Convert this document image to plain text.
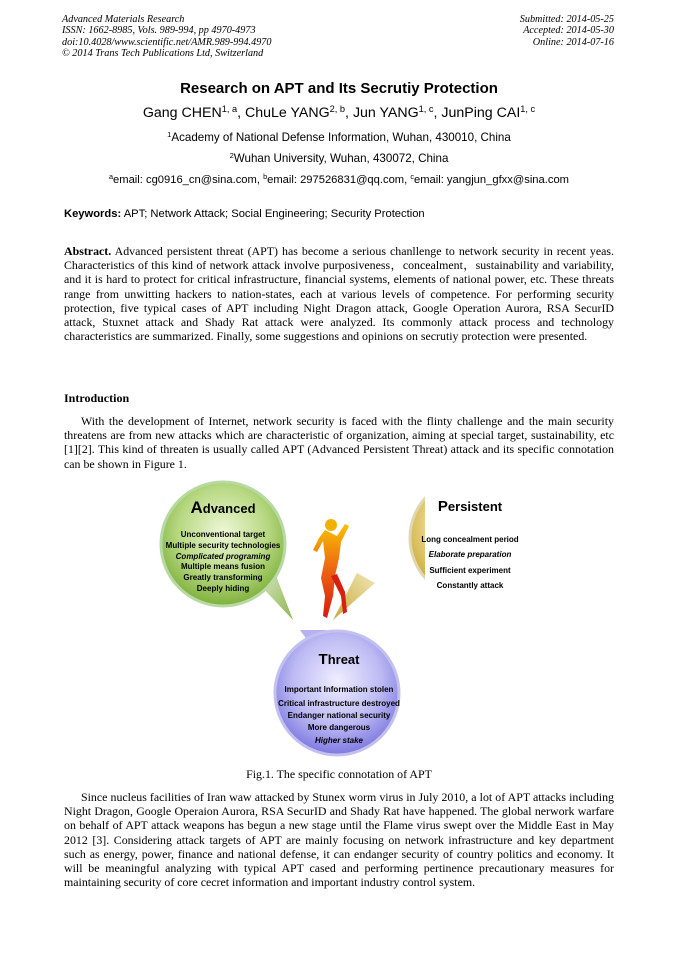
Advanced Materials Research
ISSN: 1662-8985, Vols. 989-994, pp 4970-4973
doi:10.4028/www.scientific.net/AMR.989-994.4970
© 2014 Trans Tech Publications Ltd, Switzerland
Submitted: 2014-05-25
Accepted: 2014-05-30
Online: 2014-07-16
Research on APT and Its Secrutiy Protection
Gang CHEN$^{1, a}$, ChuLe YANG$^{2, b}$, Jun YANG$^{1, c}$, JunPing CAI$^{1, c}$
$^1$Academy of National Defense Information, Wuhan, 430010, China
$^2$Wuhan University, Wuhan, 430072, China
$^a$email: cg0916_cn@sina.com, $^b$email: 297526831@qq.com, $^c$email: yangjun_gfxx@sina.com
Keywords: APT; Network Attack; Social Engineering; Security Protection
Abstract. Advanced persistent threat (APT) has become a serious chanllenge to network security in recent yeas. Characteristics of this kind of network attack involve purposiveness，concealment，sustainability and variability, and it is hard to protect for critical infrastructure, financial systems, elements of national power, etc. These threats range from unwitting hackers to nation-states, each at various levels of competence. For performing security protection, five typical cases of APT including Night Dragon attack, Google Operation Aurora, RSA SecurID attack, Stuxnet attack and Shady Rat attack were analyzed. Its commonly attack process and technology characteristics are summarized. Finally, some suggestions and opinions on secrutiy protection were presented.
Introduction
With the development of Internet, network security is faced with the flinty challenge and the main security threatens are from new attacks which are characteristic of organization, aiming at special target, sustainability, etc [1][2]. This kind of threaten is usually called APT (Advanced Persistent Threat) attack and its specific connotation can be shown in Figure 1.
Advanced
Unconventional target
Multiple security technologies
Complicated programing
Multiple means fusion
Greatly transforming
Deeply hiding
Persistent
Long concealment period
Elaborate preparation
Sufficient experiment
Constantly attack
Threat
Important Information stolen
Critical infrastructure destroyed
Endanger national security
More dangerous
Higher stake
Fig.1. The specific connotation of APT
Since nucleus facilities of Iran waw attacked by Stunex worm virus in July 2010, a lot of APT attacks including Night Dragon, Google Operaion Aurora, RSA SecurID and Shady Rat have happened. The global nerwork warfare on behalf of APT attack weapons has begun a new stage until the Flame virus swept over the Middle East in May 2012 [3]. Considering attack targets of APT are mainly focusing on network infrastructure and key department such as energy, power, finance and national defense, it can endanger security of country politics and economy. It will be meaningful analyzing with typical APT cased and performing pertinence precautionary measures for maintaining security of core cecret information and important industry control system.
